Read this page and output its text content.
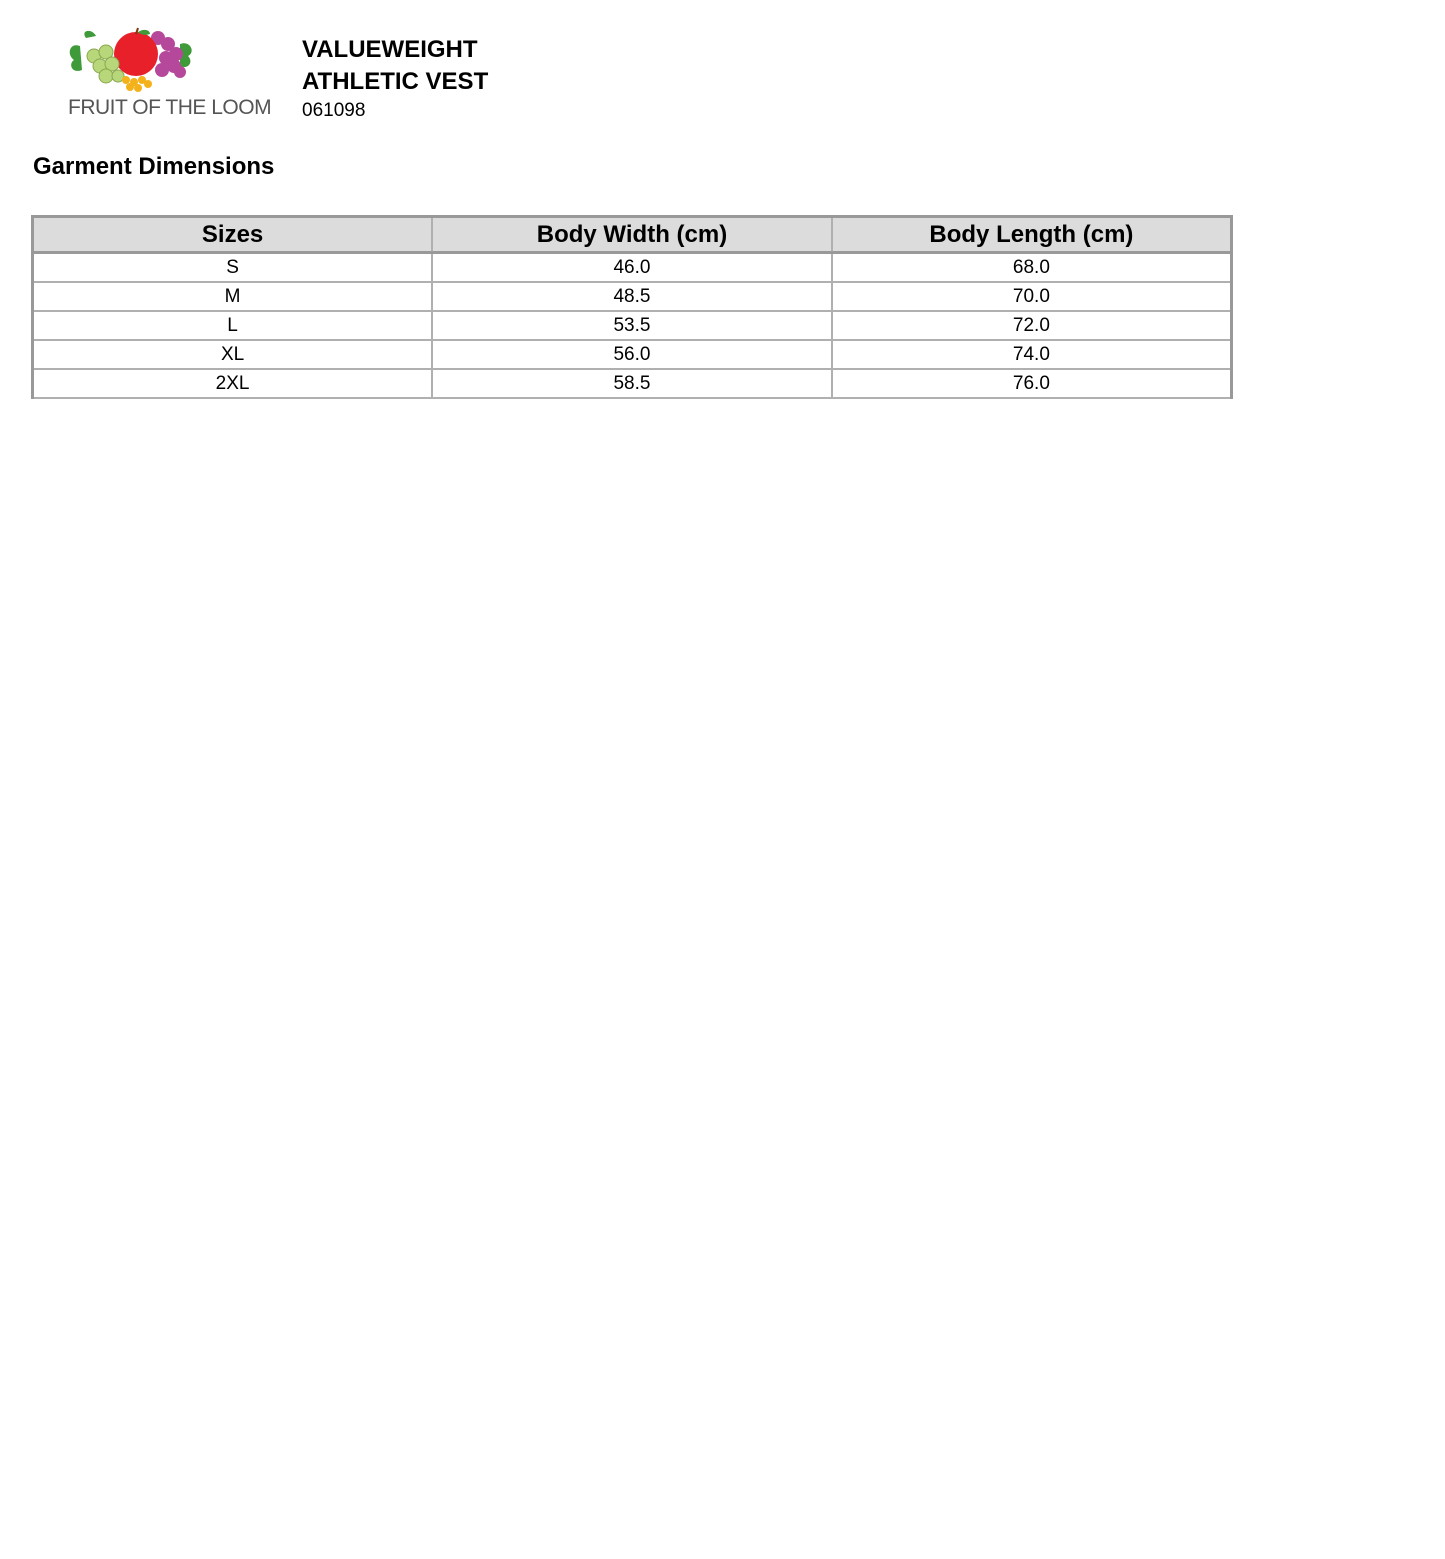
FRUIT OF THE LOOM
VALUEWEIGHT ATHLETIC VEST
061098
Garment Dimensions
Sizes	Body Width (cm)	Body Length (cm)
S	46.0	68.0
M	48.5	70.0
L	53.5	72.0
XL	56.0	74.0
2XL	58.5	76.0
